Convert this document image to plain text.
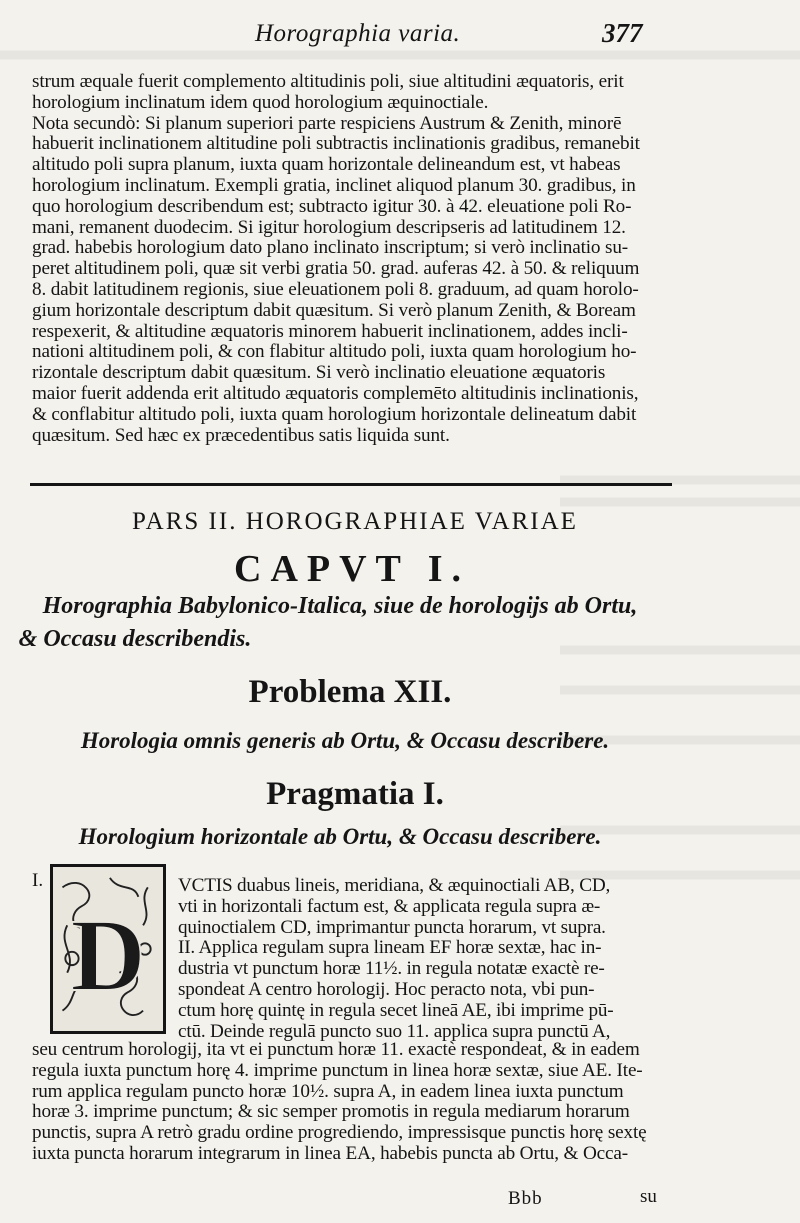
Horographia varia.	377
strum æquale fuerit complemento altitudinis poli, siue altitudini æquatoris, erit
horologium inclinatum idem quod horologium æquinoctiale.
Nota secundò: Si planum superiori parte respiciens Austrum & Zenith, minorē
habuerit inclinationem altitudine poli subtractis inclinationis gradibus, remanebit
altitudo poli supra planum, iuxta quam horizontale delineandum est, vt habeas
horologium inclinatum. Exempli gratia, inclinet aliquod planum 30. gradibus, in
quo horologium describendum est; subtracto igitur 30. à 42. eleuatione poli Ro-
mani, remanent duodecim. Si igitur horologium descripseris ad latitudinem 12.
grad. habebis horologium dato plano inclinato inscriptum; si verò inclinatio su-
peret altitudinem poli, quæ sit verbi gratia 50. grad. auferas 42. à 50. & reliquum
8. dabit latitudinem regionis, siue eleuationem poli 8. graduum, ad quam horolo-
gium horizontale descriptum dabit quæsitum. Si verò planum Zenith, & Boream
respexerit, & altitudine æquatoris minorem habuerit inclinationem, addes incli-
nationi altitudinem poli, & con flabitur altitudo poli, iuxta quam horologium ho-
rizontale descriptum dabit quæsitum. Si verò inclinatio eleuatione æquatoris
maior fuerit addenda erit altitudo æquatoris complemēto altitudinis inclinationis,
& conflabitur altitudo poli, iuxta quam horologium horizontale delineatum dabit
quæsitum. Sed hæc ex præcedentibus satis liquida sunt.
PARS II. HOROGRAPHIAE VARIAE
CAPVT I.
Horographia Babylonico-Italica, siue de horologijs ab Ortu,
& Occasu describendis.
Problema XII.
Horologia omnis generis ab Ortu, & Occasu describere.
Pragmatia I.
Horologium horizontale ab Ortu, & Occasu describere.
I.
D
VCTIS duabus lineis, meridiana, & æquinoctiali AB, CD,
vti in horizontali factum est, & applicata regula supra æ-
quinoctialem CD, imprimantur puncta horarum, vt supra.
II. Applica regulam supra lineam EF horæ sextæ, hac in-
dustria vt punctum horæ 11½. in regula notatæ exactè re-
spondeat A centro horologij. Hoc peracto nota, vbi pun-
ctum horę quintę in regula secet lineā AE, ibi imprime pū-
ctū. Deinde regulā puncto suo 11. applica supra punctū A,
seu centrum horologij, ita vt ei punctum horæ 11. exactè respondeat, & in eadem
regula iuxta punctum horę 4. imprime punctum in linea horæ sextæ, siue AE. Ite-
rum applica regulam puncto horæ 10½. supra A, in eadem linea iuxta punctum
horæ 3. imprime punctum; & sic semper promotis in regula mediarum horarum
punctis, supra A retrò gradu ordine progrediendo, impressisque punctis horę sextę
iuxta puncta horarum integrarum in linea EA, habebis puncta ab Ortu, & Occa-
Bbb	su
